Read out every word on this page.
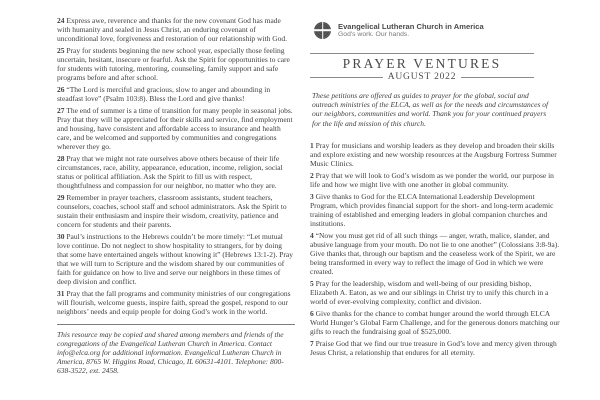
24 Express awe, reverence and thanks for the new covenant God has made with humanity and sealed in Jesus Christ, an enduring covenant of unconditional love, forgiveness and restoration of our relationship with God.

25 Pray for students beginning the new school year, especially those feeling uncertain, hesitant, insecure or fearful. Ask the Spirit for opportunities to care for students with tutoring, mentoring, counseling, family support and safe programs before and after school.

26 “The Lord is merciful and gracious, slow to anger and abounding in steadfast love” (Psalm 103:8). Bless the Lord and give thanks!

27 The end of summer is a time of transition for many people in seasonal jobs. Pray that they will be appreciated for their skills and service, find employment and housing, have consistent and affordable access to insurance and health care, and be welcomed and supported by communities and congregations wherever they go.

28 Pray that we might not rate ourselves above others because of their life circumstances, race, ability, appearance, education, income, religion, social status or political affiliation. Ask the Spirit to fill us with respect, thoughtfulness and compassion for our neighbor, no matter who they are.

29 Remember in prayer teachers, classroom assistants, student teachers, counselors, coaches, school staff and school administrators. Ask the Spirit to sustain their enthusiasm and inspire their wisdom, creativity, patience and concern for students and their parents.

30 Paul’s instructions to the Hebrews couldn’t be more timely: “Let mutual love continue. Do not neglect to show hospitality to strangers, for by doing that some have entertained angels without knowing it” (Hebrews 13:1-2). Pray that we will turn to Scripture and the wisdom shared by our communities of faith for guidance on how to live and serve our neighbors in these times of deep division and conflict.

31 Pray that the fall programs and community ministries of our congregations will flourish, welcome guests, inspire faith, spread the gospel, respond to our neighbors’ needs and equip people for doing God’s work in the world.

This resource may be copied and shared among members and friends of the congregations of the Evangelical Lutheran Church in America. Contact info@elca.org for additional information. Evangelical Lutheran Church in America, 8765 W. Higgins Road, Chicago, IL 60631-4101. Telephone: 800-638-3522, ext. 2458.

Evangelical Lutheran Church in America
God's work. Our hands.
PRAYER VENTURES
AUGUST 2022

These petitions are offered as guides to prayer for the global, social and outreach ministries of the ELCA, as well as for the needs and circumstances of our neighbors, communities and world. Thank you for your continued prayers for the life and mission of this church.

1 Pray for musicians and worship leaders as they develop and broaden their skills and explore existing and new worship resources at the Augsburg Fortress Summer Music Clinics.

2 Pray that we will look to God’s wisdom as we ponder the world, our purpose in life and how we might live with one another in global community.

3 Give thanks to God for the ELCA International Leadership Development Program, which provides financial support for the short- and long-term academic training of established and emerging leaders in global companion churches and institutions.

4 “Now you must get rid of all such things — anger, wrath, malice, slander, and abusive language from your mouth. Do not lie to one another” (Colossians 3:8-9a). Give thanks that, through our baptism and the ceaseless work of the Spirit, we are being transformed in every way to reflect the image of God in which we were created.

5 Pray for the leadership, wisdom and well-being of our presiding bishop, Elizabeth A. Eaton, as we and our siblings in Christ try to unify this church in a world of ever-evolving complexity, conflict and division.

6 Give thanks for the chance to combat hunger around the world through ELCA World Hunger’s Global Farm Challenge, and for the generous donors matching our gifts to reach the fundraising goal of $525,000.

7 Praise God that we find our true treasure in God’s love and mercy given through Jesus Christ, a relationship that endures for all eternity.
